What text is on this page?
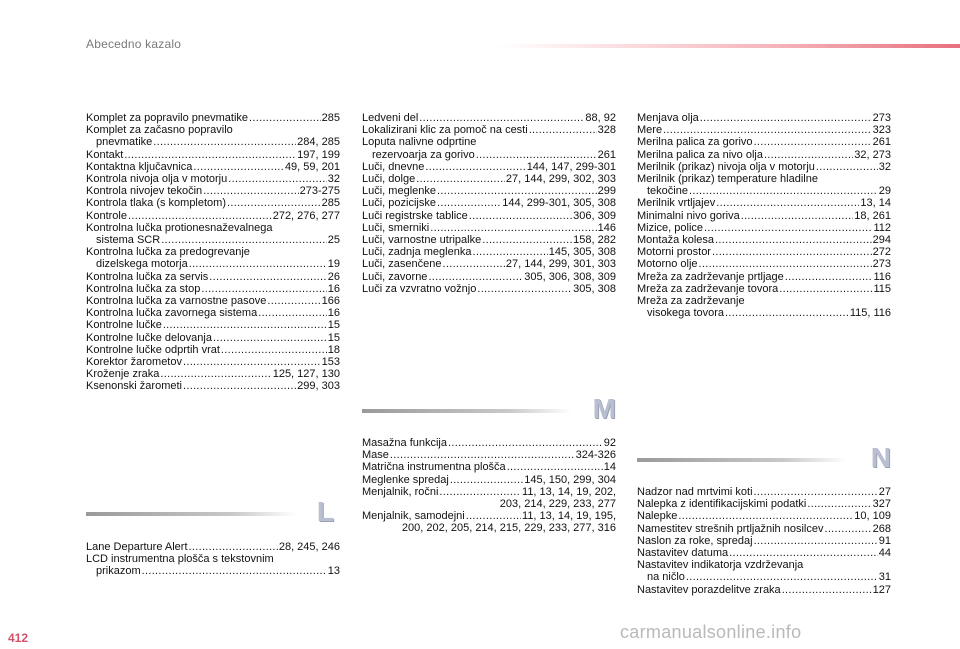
Abecedno kazalo
Komplet za popravilo pnevmatike .....	285
Komplet za začasno popravilo
pnevmatike .....	284, 285
Kontakt .....	197, 199
Kontaktna ključavnica .....	49, 59, 201
Kontrola nivoja olja v motorju .....	32
Kontrola nivojev tekočin .....	273-275
Kontrola tlaka (s kompletom) .....	285
Kontrole .....	272, 276, 277
Kontrolna lučka protionesnaževalnega
sistema SCR .....	25
Kontrolna lučka za predogrevanje
dizelskega motorja .....	19
Kontrolna lučka za servis .....	26
Kontrolna lučka za stop .....	16
Kontrolna lučka za varnostne pasove .....	166
Kontrolna lučka zavornega sistema .....	16
Kontrolne lučke .....	15
Kontrolne lučke delovanja .....	15
Kontrolne lučke odprtih vrat .....	18
Korektor žarometov .....	153
Kroženje zraka .....	125, 127, 130
Ksenonski žarometi .....	299, 303
Ledveni del .....	88, 92
Lokalizirani klic za pomoč na cesti .....	328
Loputa nalivne odprtine
rezervoarja za gorivo .....	261
Luči, dnevne .....	144, 147, 299-301
Luči, dolge .....	27, 144, 299, 302, 303
Luči, meglenke .....	299
Luči, pozicijske .....	144, 299-301, 305, 308
Luči registrske tablice .....	306, 309
Luči, smerniki .....	146
Luči, varnostne utripalke .....	158, 282
Luči, zadnja meglenka .....	145, 305, 308
Luči, zasenčene .....	27, 144, 299, 301, 303
Luči, zavorne .....	305, 306, 308, 309
Luči za vzvratno vožnjo .....	305, 308
Menjava olja .....	273
Mere .....	323
Merilna palica za gorivo .....	261
Merilna palica za nivo olja .....	32, 273
Merilnik (prikaz) nivoja olja v motorju .....	32
Merilnik (prikaz) temperature hladilne
tekočine .....	29
Merilnik vrtljajev .....	13, 14
Minimalni nivo goriva .....	18, 261
Mizice, police .....	112
Montaža kolesa .....	294
Motorni prostor .....	272
Motorno olje .....	273
Mreža za zadrževanje prtljage .....	116
Mreža za zadrževanje tovora .....	115
Mreža za zadrževanje
visokega tovora .....	115, 116
L
Lane Departure Alert .....	28, 245, 246
LCD instrumentna plošča s tekstovnim
prikazom .....	13
M
Masažna funkcija .....	92
Mase .....	324-326
Matrična instrumentna plošča .....	14
Meglenke spredaj .....	145, 150, 299, 304
Menjalnik, ročni .....	11, 13, 14, 19, 202,
203, 214, 229, 233, 277
Menjalnik, samodejni .....	11, 13, 14, 19, 195,
200, 202, 205, 214, 215, 229, 233, 277, 316
N
Nadzor nad mrtvimi koti .....	27
Nalepka z identifikacijskimi podatki .....	327
Nalepke .....	10, 109
Namestitev strešnih prtljažnih nosilcev .....	268
Naslon za roke, spredaj .....	91
Nastavitev datuma .....	44
Nastavitev indikatorja vzdrževanja
na ničlo .....	31
Nastavitev porazdelitve zraka .....	127
412	carmanualsonline.info
